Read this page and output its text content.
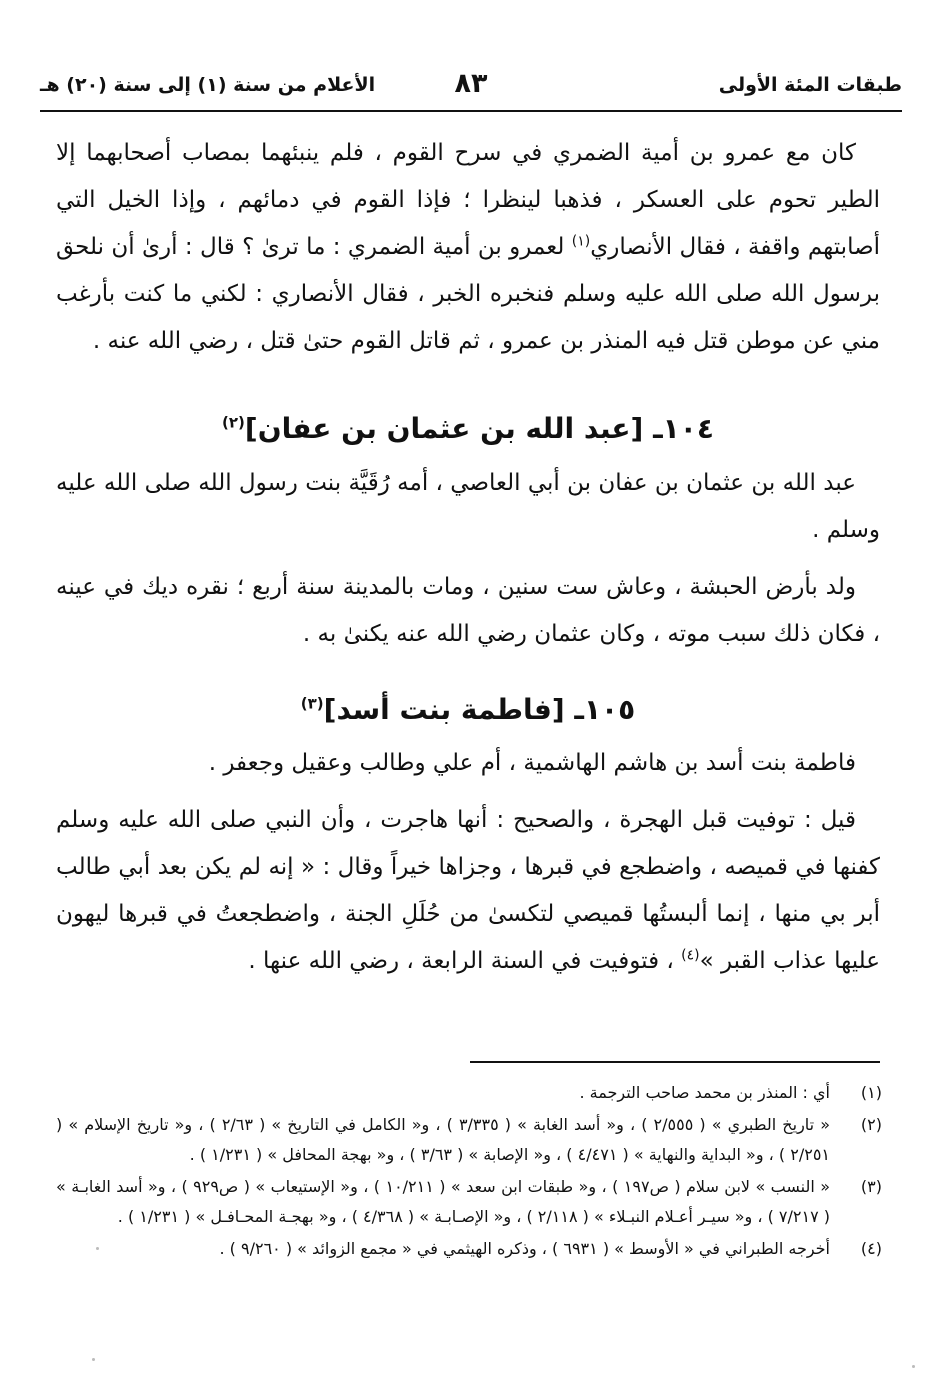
طبقات المئة الأولى
٨٣
الأعلام من سنة (١) إلى سنة (٢٠) هـ

كان مع عمرو بن أمية الضمري في سرح القوم ، فلم ينبئهما بمصاب أصحابهما إلا الطير تحوم على العسكر ، فذهبا لينظرا ؛ فإذا القوم في دمائهم ، وإذا الخيل التي أصابتهم واقفة ، فقال الأنصاري$^{(١)}$ لعمرو بن أمية الضمري : ما ترىٰ ؟ قال : أرىٰ أن نلحق برسول الله صلى الله عليه وسلم فنخبره الخبر ، فقال الأنصاري : لكني ما كنت بأرغب مني عن موطن قتل فيه المنذر بن عمرو ، ثم قاتل القوم حتىٰ قتل ، رضي الله عنه .

١٠٤ـ [عبد الله بن عثمان بن عفان]$^{(٢)}$

عبد الله بن عثمان بن عفان بن أبي العاصي ، أمه رُقَيَّة بنت رسول الله صلى الله عليه وسلم .

ولد بأرض الحبشة ، وعاش ست سنين ، ومات بالمدينة سنة أربع ؛ نقره ديك في عينه ، فكان ذلك سبب موته ، وكان عثمان رضي الله عنه يكنىٰ به .

١٠٥ـ [فاطمة بنت أسد]$^{(٣)}$

فاطمة بنت أسد بن هاشم الهاشمية ، أم علي وطالب وعقيل وجعفر .

قيل : توفيت قبل الهجرة ، والصحيح : أنها هاجرت ، وأن النبي صلى الله عليه وسلم كفنها في قميصه ، واضطجع في قبرها ، وجزاها خيراً وقال : « إنه لم يكن بعد أبي طالب أبر بي منها ، إنما ألبستُها قميصي لتكسىٰ من حُلَلِ الجنة ، واضطجعتُ في قبرها ليهون عليها عذاب القبر »$^{(٤)}$ ، فتوفيت في السنة الرابعة ، رضي الله عنها .

(١)
أي : المنذر بن محمد صاحب الترجمة .
(٢)
« تاريخ الطبري » ( ٢/٥٥٥ ) ، و« أسد الغابة » ( ٣/٣٣٥ ) ، و« الكامل في التاريخ » ( ٢/٦٣ ) ، و« تاريخ الإسلام » ( ٢/٢٥١ ) ، و« البداية والنهاية » ( ٤/٤٧١ ) ، و« الإصابة » ( ٣/٦٣ ) ، و« بهجة المحافل » ( ١/٢٣١ ) .
(٣)
« النسب » لابن سلام ( ص١٩٧ ) ، و« طبقات ابن سعد » ( ١٠/٢١١ ) ، و« الإستيعاب » ( ص٩٢٩ ) ، و« أسد الغابـة » ( ٧/٢١٧ ) ، و« سيـر أعـلام النبـلاء » ( ٢/١١٨ ) ، و« الإصـابـة » ( ٤/٣٦٨ ) ، و« بهجـة المحـافـل » ( ١/٢٣١ ) .
(٤)
أخرجه الطبراني في « الأوسط » ( ٦٩٣١ ) ، وذكره الهيثمي في « مجمع الزوائد » ( ٩/٢٦٠ ) .
